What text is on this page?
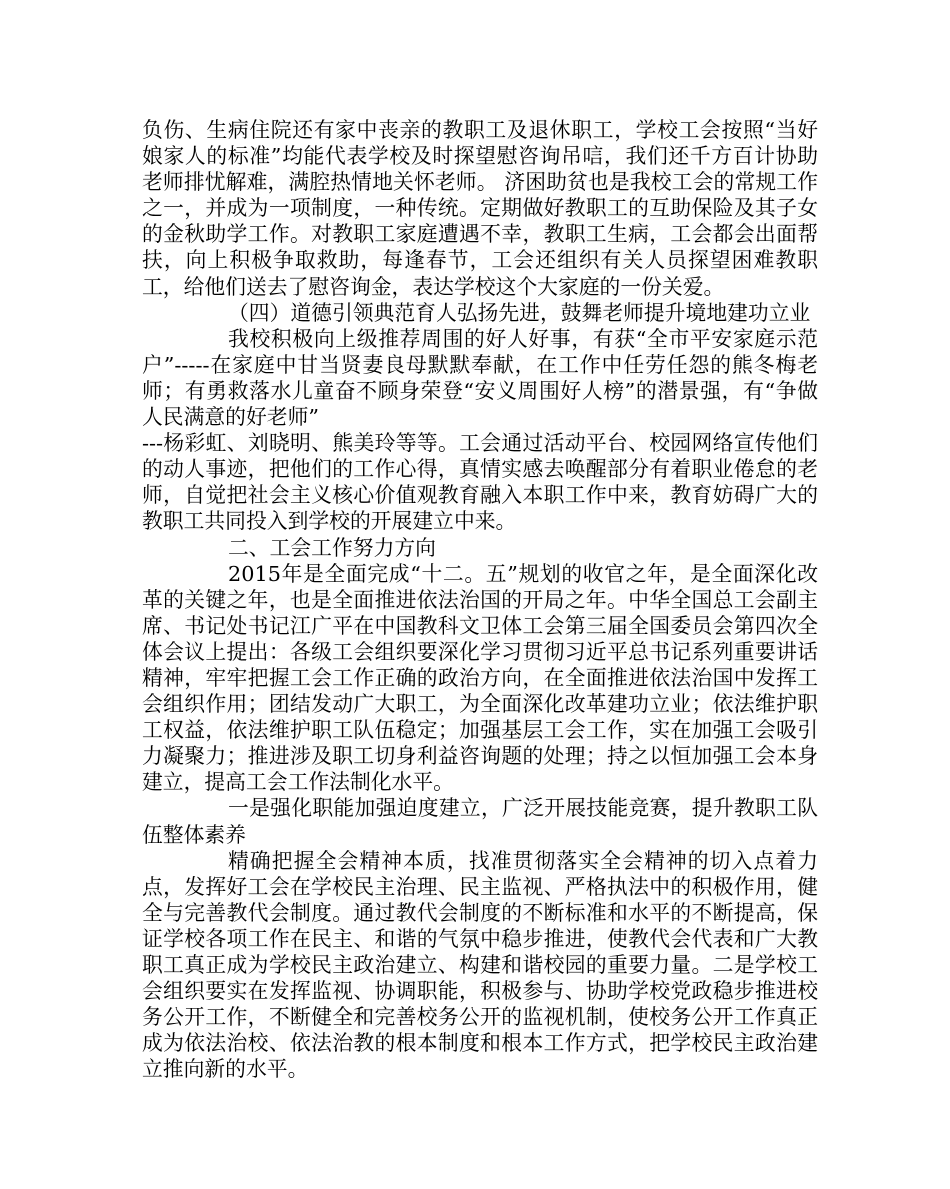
负伤、生病住院还有家中丧亲的教职工及退休职工，学校工会按照“当好娘家人的标准”均能代表学校及时探望慰咨询吊唁，我们还千方百计协助老师排忧解难，满腔热情地关怀老师。 济困助贫也是我校工会的常规工作之一，并成为一项制度，一种传统。定期做好教职工的互助保险及其子女的金秋助学工作。对教职工家庭遭遇不幸，教职工生病，工会都会出面帮扶，向上积极争取救助，每逢春节，工会还组织有关人员探望困难教职工，给他们送去了慰咨询金，表达学校这个大家庭的一份关爱。

（四）道德引领典范育人弘扬先进，鼓舞老师提升境地建功立业

我校积极向上级推荐周围的好人好事，有获“全市平安家庭示范户”-----在家庭中甘当贤妻良母默默奉献，在工作中任劳任怨的熊冬梅老师；有勇救落水儿童奋不顾身荣登“安义周围好人榜”的潜景强，有“争做人民满意的好老师”

---杨彩虹、刘晓明、熊美玲等等。工会通过活动平台、校园网络宣传他们的动人事迹，把他们的工作心得，真情实感去唤醒部分有着职业倦怠的老师，自觉把社会主义核心价值观教育融入本职工作中来，教育妨碍广大的教职工共同投入到学校的开展建立中来。

二、工会工作努力方向

2015年是全面完成“十二。五”规划的收官之年，是全面深化改革的关键之年，也是全面推进依法治国的开局之年。中华全国总工会副主席、书记处书记江广平在中国教科文卫体工会第三届全国委员会第四次全体会议上提出：各级工会组织要深化学习贯彻习近平总书记系列重要讲话精神，牢牢把握工会工作正确的政治方向，在全面推进依法治国中发挥工会组织作用；团结发动广大职工，为全面深化改革建功立业；依法维护职工权益，依法维护职工队伍稳定；加强基层工会工作，实在加强工会吸引力凝聚力；推进涉及职工切身利益咨询题的处理；持之以恒加强工会本身建立，提高工会工作法制化水平。

一是强化职能加强迫度建立，广泛开展技能竞赛，提升教职工队伍整体素养

精确把握全会精神本质，找准贯彻落实全会精神的切入点着力点，发挥好工会在学校民主治理、民主监视、严格执法中的积极作用，健全与完善教代会制度。通过教代会制度的不断标准和水平的不断提高，保证学校各项工作在民主、和谐的气氛中稳步推进，使教代会代表和广大教职工真正成为学校民主政治建立、构建和谐校园的重要力量。二是学校工会组织要实在发挥监视、协调职能，积极参与、协助学校党政稳步推进校务公开工作，不断健全和完善校务公开的监视机制，使校务公开工作真正成为依法治校、依法治教的根本制度和根本工作方式，把学校民主政治建立推向新的水平。
